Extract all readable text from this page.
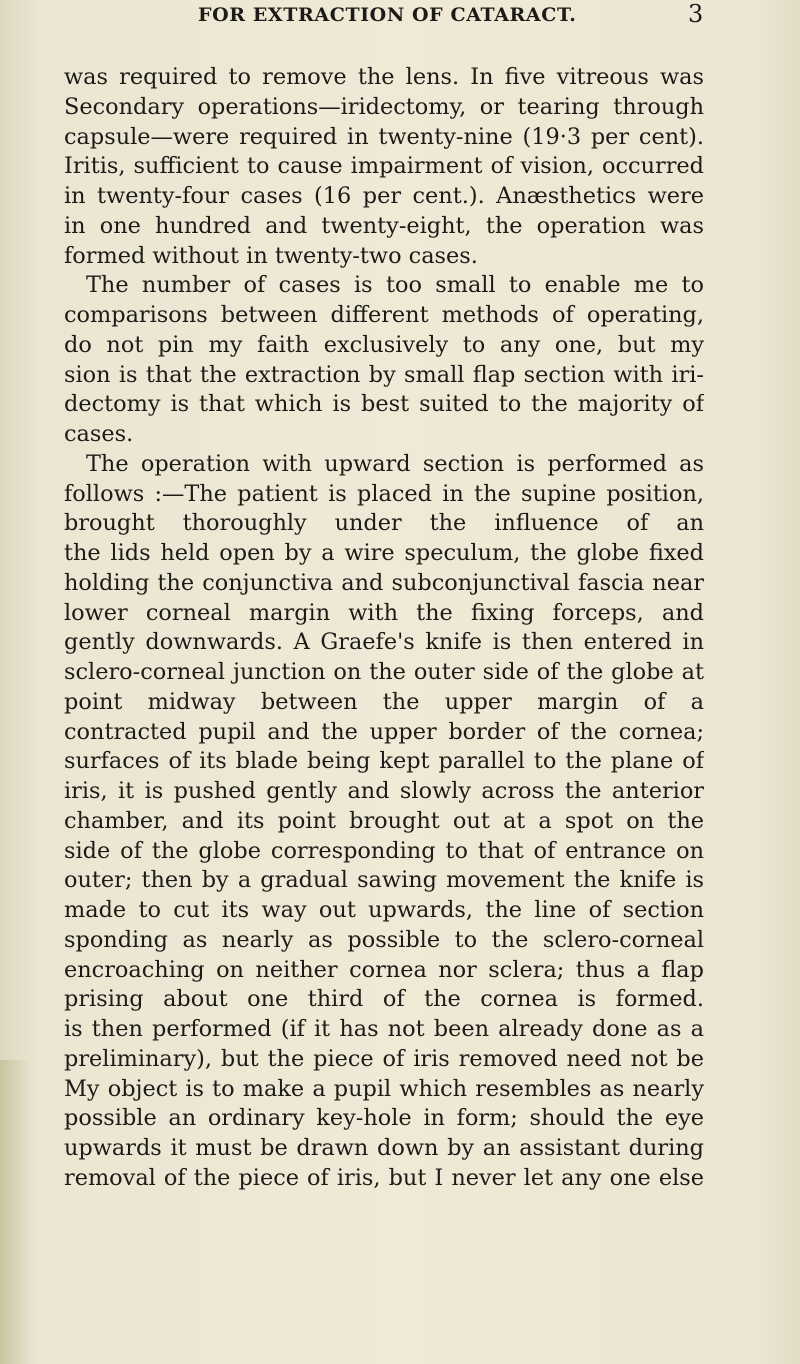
FOR EXTRACTION OF CATARACT.	3
was required to remove the lens. In five vitreous was
Secondary operations—iridectomy, or tearing through
capsule—were required in twenty-nine (19·3 per cent).
Iritis, sufficient to cause impairment of vision, occurred
in twenty-four cases (16 per cent.). Anæsthetics were
in one hundred and twenty-eight, the operation was
formed without in twenty-two cases.
The number of cases is too small to enable me to
comparisons between different methods of operating,
do not pin my faith exclusively to any one, but my
sion is that the extraction by small flap section with iri-
dectomy is that which is best suited to the majority of
cases.
The operation with upward section is performed as
follows :—The patient is placed in the supine position,
brought thoroughly under the influence of an
the lids held open by a wire speculum, the globe fixed
holding the conjunctiva and subconjunctival fascia near
lower corneal margin with the fixing forceps, and
gently downwards. A Graefe's knife is then entered in
sclero-corneal junction on the outer side of the globe at
point midway between the upper margin of a
contracted pupil and the upper border of the cornea;
surfaces of its blade being kept parallel to the plane of
iris, it is pushed gently and slowly across the anterior
chamber, and its point brought out at a spot on the
side of the globe corresponding to that of entrance on
outer; then by a gradual sawing movement the knife is
made to cut its way out upwards, the line of section
sponding as nearly as possible to the sclero-corneal
encroaching on neither cornea nor sclera; thus a flap
prising about one third of the cornea is formed.
is then performed (if it has not been already done as a
preliminary), but the piece of iris removed need not be
My object is to make a pupil which resembles as nearly
possible an ordinary key-hole in form; should the eye
upwards it must be drawn down by an assistant during
removal of the piece of iris, but I never let any one else
